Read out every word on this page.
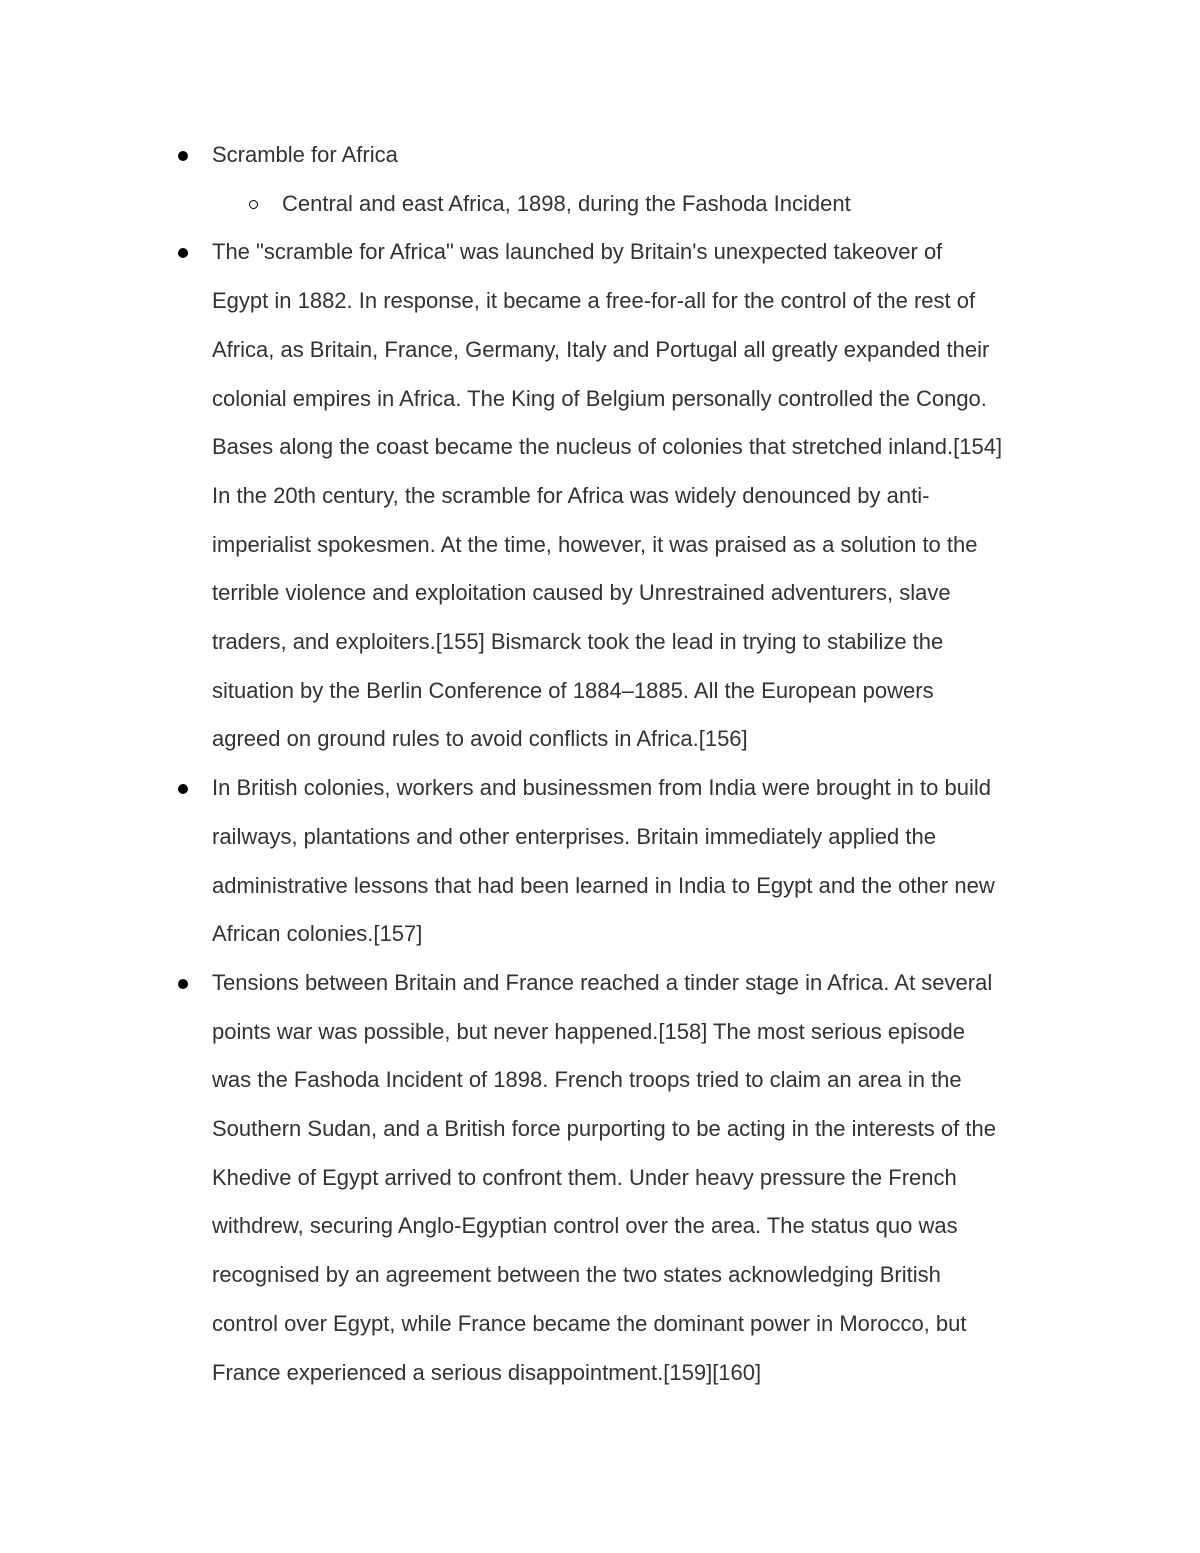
Scramble for Africa
Central and east Africa, 1898, during the Fashoda Incident
The "scramble for Africa" was launched by Britain's unexpected takeover of
Egypt in 1882. In response, it became a free-for-all for the control of the rest of
Africa, as Britain, France, Germany, Italy and Portugal all greatly expanded their
colonial empires in Africa. The King of Belgium personally controlled the Congo.
Bases along the coast became the nucleus of colonies that stretched inland.[154]
In the 20th century, the scramble for Africa was widely denounced by anti-
imperialist spokesmen. At the time, however, it was praised as a solution to the
terrible violence and exploitation caused by Unrestrained adventurers, slave
traders, and exploiters.[155] Bismarck took the lead in trying to stabilize the
situation by the Berlin Conference of 1884–1885. All the European powers
agreed on ground rules to avoid conflicts in Africa.[156]
In British colonies, workers and businessmen from India were brought in to build
railways, plantations and other enterprises. Britain immediately applied the
administrative lessons that had been learned in India to Egypt and the other new
African colonies.[157]
Tensions between Britain and France reached a tinder stage in Africa. At several
points war was possible, but never happened.[158] The most serious episode
was the Fashoda Incident of 1898. French troops tried to claim an area in the
Southern Sudan, and a British force purporting to be acting in the interests of the
Khedive of Egypt arrived to confront them. Under heavy pressure the French
withdrew, securing Anglo-Egyptian control over the area. The status quo was
recognised by an agreement between the two states acknowledging British
control over Egypt, while France became the dominant power in Morocco, but
France experienced a serious disappointment.[159][160]
